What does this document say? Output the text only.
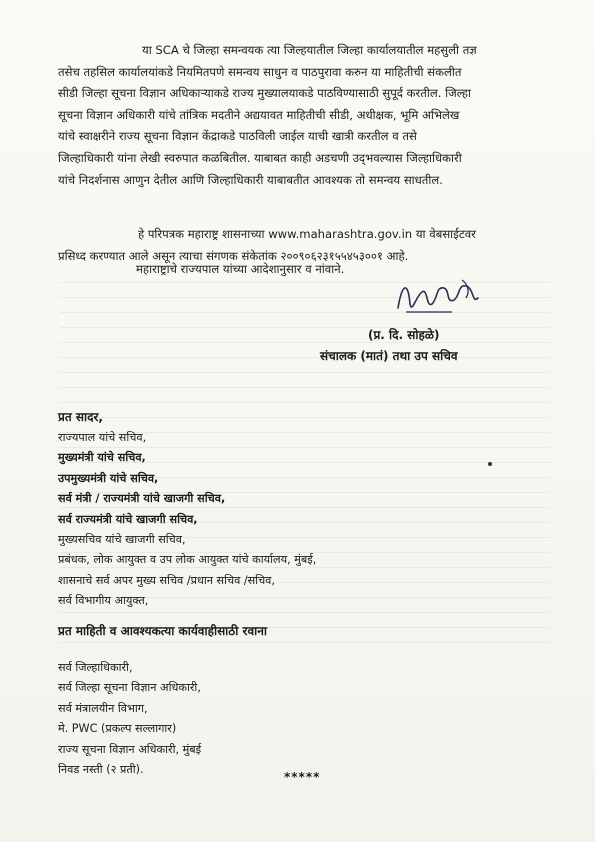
या SCA चे जिल्हा समन्वयक त्या जिल्हयातील जिल्हा कार्यालयातील महसुली तज्ञ
तसेच तहसिल कार्यालयांकडे नियमितपणे समन्वय साधुन व पाठपुरावा करुन या माहितीची संकलीत
सीडी जिल्हा सूचना विज्ञान अधिकाऱ्याकडे राज्य मुख्यालयाकडे पाठविण्यासाठी सुपूर्द करतील. जिल्हा
सूचना विज्ञान अधिकारी यांचे तांत्रिक मदतीने अद्ययावत माहितीची सीडी, अधीक्षक, भूमि अभिलेख
यांचे स्वाक्षरीने राज्य सूचना विज्ञान केंद्राकडे पाठविली जाईल याची खात्री करतील व तसे
जिल्हाधिकारी यांना लेखी स्वरुपात कळबितील. याबाबत काही अडचणी उद्‌भवल्यास जिल्हाधिकारी
यांचे निदर्शनास आणुन देतील आणि जिल्हाधिकारी याबाबतीत आवश्यक तो समन्वय साधतील.
हे परिपत्रक महाराष्ट्र शासनाच्या www.maharashtra.gov.in या वेबसाईटवर
प्रसिध्द करण्यात आले असून त्याचा संगणक संकेतांक २००९०६२३१५५४५३००१ आहे.
महाराष्ट्राचे राज्यपाल यांच्या आदेशानुसार व नांवाने.
(प्र. दि. सोहळे)
संचालक (मातं) तथा उप सचिव
प्रत सादर,
राज्यपाल यांचे सचिव,
मुख्यमंत्री यांचे सचिव,
उपमुख्यमंत्री यांचे सचिव,
सर्व मंत्री / राज्यमंत्री यांचे खाजगी सचिव,
सर्व राज्यमंत्री यांचे खाजगी सचिव,
मुख्यसचिव यांचे खाजगी सचिव,
प्रबंधक, लोक आयुक्त व उप लोक आयुक्त यांचे कार्यालय, मुंबई,
शासनाचे सर्व अपर मुख्य सचिव /प्रधान सचिव /सचिव,
सर्व विभागीय आयुक्त,
प्रत माहिती व आवश्यकत्या कार्यवाहीसाठी रवाना
सर्व जिल्हाधिकारी,
सर्व जिल्हा सूचना विज्ञान अधिकारी,
सर्व मंत्रालयीन विभाग,
मे. PWC (प्रकल्प सल्लागार)
राज्य सूचना विज्ञान अधिकारी, मुंबई
निवड नस्ती (२ प्रती).
*****
